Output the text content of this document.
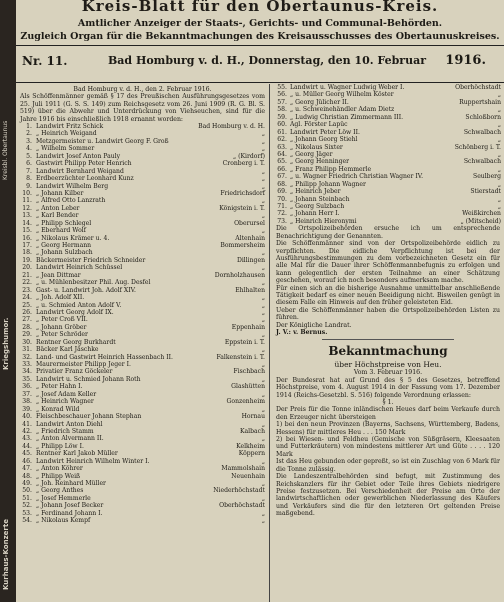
Kreisbl. Obertaunus
Kriegshumor.
Kurhaus-Konzerte
Kreis-Blatt für den Obertaunus-Kreis.
Amtlicher Anzeiger der Staats-, Gerichts- und Communal-Behörden.
Zugleich Organ für die Bekanntmachungen des Kreisausschusses des Obertaunuskreises.
Nr. 11.	Bad Homburg v. d. H., Donnerstag, den 10. Februar 1916.

Bad Homburg v. d. H., den 2. Februar 1916.

Als Schöffenmänner gemäß § 17 des Preußischen Ausführungsgesetzes vom 25. Juli 1911 (G. S. S. 149) zum Reichsgesetz vom 26. Juni 1909 (R. G. Bl. S. 519) über die Abwehr und Unterdrückung von Viehseuchen, sind für die Jahre 1916 bis einschließlich 1918 ernannt worden:

1. Landwirt Fritz Schick	Bad Homburg v. d. H.
2. „ Heinrich Weigand	„
3. Metzgermeister u. Landwirt Georg F. Groß	„
4. „ Wilhelm Sommer	„
5. Landwirt Josef Anton Pauly	„ (Kirdorf)
6. Gastwirt Philipp Peter Henrich	Cronberg i. T.
7. Landwirt Bernhard Weigand	„
8. Erdbeerzüchter Leonhard Kunz	„
9. Landwirt Wilhelm Berg	„
10. „ Johann Kilber	Friedrichsdorf
11. „ Alfred Otto Lanzrath	„
12. „ Anton Leber	Königstein i. T.
13. „ Karl Bender	„
14. „ Philipp Schlegel	Oberursel
15. „ Eberhard Wolf	„
16. „ Nikolaus Krämer u. 4.	Altenhain
17. „ Georg Hermann	Bommersheim
18. „ Johann Sulzbach	„
19. Bäckermeister Friedrich Schneider	Dillingen
20. Landwirt Heinrich Schüssel	„
21. „ Jean Dittmar	Dornholzhausen
22. „ u. Mühlenbesitzer Phil. Aug. Desfel	„
23. Gast- u. Landwirt Joh. Adolf XIV.	Ehlhalten
24. „ Joh. Adolf XII.	„
25. „ u. Schmied Anton Adolf V.	„
26. Landwirt Georg Adolf IX.	„
27. „ Peter Croß VII.	„
28. „ Johann Gröber	Eppenhain
29. „ Peter Schröder	„
30. Rentner Georg Burkhardt	Eppstein i. T.
31. Bäcker Karl Jäschke	„
32. Land- und Gastwirt Heinrich Hassenbach II.	Falkenstein i. T.
33. Maurermeister Philipp Jeger I.	„
34. Privatier Franz Göckeler	Fischbach
35. Landwirt u. Schmied Johann Roth	„
36. „ Peter Hahn I.	Glashütten
37. „ Josef Adam Keller	„
38. „ Heinrich Wagner	Gonzenheim
39. „ Konrad Wild	„
40. Fleischbeschauer Johann Stephan	Hornau
41. Landwirt Anton Diehl	„
42. „ Friedrich Stamm	Kalbach
43. „ Anton Alvermann II.	„
44. „ Philipp Löw I.	Kelkheim
45. Rentner Karl Jakob Müller	Köppern
46. Landwirt Heinrich Wilhelm Winter I.	„
47. „ Anton Köhrer	Mammolshain
48. „ Philipp Weiß	Neuenhain
49. „ Joh. Reinhard Müller	„
50. „ Georg Anthes	Niederhöchstadt
51. „ Josef Hemmerle	„
52. „ Johann Josef Becker	Oberhöchstadt
53. „ Ferdinand Johann I.	„
54. „ Nikolaus Kempf	„
55. Landwirt u. Wagner Ludwig Weber I.	Oberhöchstadt
56. „ u. Müller Georg Wilhelm Köster	„
57. „ Georg Jülicher II.	Ruppertshain
58. „ u. Schweinehändler Adam Dietz	„
59. „ Ludwig Christian Zimmermann III.	Schloßborn
60. Agl. Förster Lapüc	„
61. Landwirt Peter Löw II.	Schwalbach
62. „ Johann Georg Stiehl	„
63. „ Nikolaus Sixter	Schönberg i. T.
64. „ Georg Jäger	„
65. „ Georg Henninger	Schwalbach
66. „ Franz Philipp Hemmerle	„
67. „ u. Wagner Friedrich Christian Wagner IV.	Seulberg
68. „ Philipp Johann Wagner	„
69. „ Heinrich Jeber	Stierstadt
70. „ Johann Steinbach	„
71. „ Georg Sulzbach	„
72. „ Johann Herr I.	Weißkirchen
73. „ Heinrich Hieronymi	„ (Mitscheid)

Die Ortspolizeibehörden ersuche ich um entsprechende Benachrichtigung der Genannten.

Die Schöffenmänner sind von der Ortspolizeibehörde eidlich zu verpflichten. Die eidliche Verpflichtung ist bei der Ausführungsbestimmungen zu dem vorbezeichneten Gesetz ein für alle Mal für die Dauer ihrer Schöffenmannbefugnis zu erfolgen und kann gelegentlich der ersten Teilnahme an einer Schätzung geschehen, worauf ich noch besonders aufmerksam mache.

Für einen sich an die bisherige Ausnahme unmittelbar anschließende Tätigkeit bedarf es einer neuen Beeidigung nicht. Bisweilen genügt in diesem Falle ein Hinweis auf den früher geleisteten Eid.

Ueber die Schöffenmänner haben die Ortspolizeibehörden Listen zu führen.

Der Königliche Landrat.

J. V.: v. Bernus.

Bekanntmachung

über Höchstpreise von Heu.

Vom 3. Februar 1916.

Der Bundesrat hat auf Grund des § 5 des Gesetzes, betreffend Höchstpreise, vom 4. August 1914 in der Fassung vom 17. Dezember 1914 (Reichs-Gesetzbl. S. 516) folgende Verordnung erlassen:

§ 1.

Der Preis für die Tonne inländischen Heues darf beim Verkaufe durch den Erzeuger nicht übersteigen

1) bei den neun Provinzen (Bayerns, Sachsens, Württemberg, Badens, Hessens) für mittleres Heu . . . 150 Mark

2) bei Wiesen- und Feldheu (Gemische von Süßgräsern, Kleesaaten und Futterkräutern) von mindestens mittlerer Art und Güte . . . . 120 Mark

Ist das Heu gebunden oder gepreßt, so ist ein Zuschlag von 6 Mark für die Tonne zulässig.

Die Landeszentralbehörden sind befugt, mit Zustimmung des Reichskanzlers für ihr Gebiet oder Teile ihres Gebiets niedrigere Preise festzusetzen. Bei Verschiedenheit der Preise am Orte der landwirtschaftlichen oder gewerblichen Niederlassung des Käufers und Verkäufers sind die für den letzteren Ort geltenden Preise maßgebend.
